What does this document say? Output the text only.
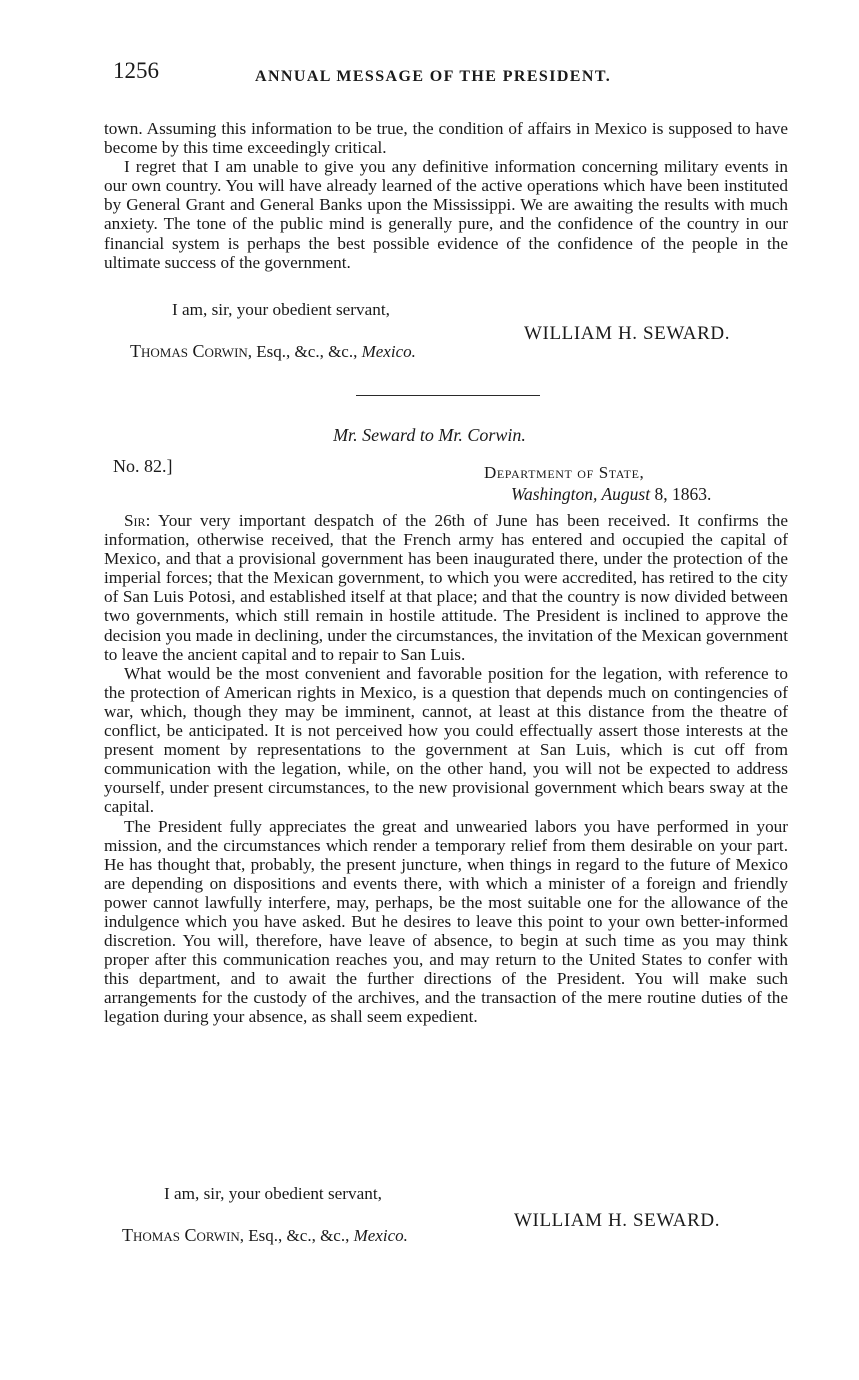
1256	ANNUAL MESSAGE OF THE PRESIDENT.

town. Assuming this information to be true, the condition of affairs in Mexico is supposed to have become by this time exceedingly critical.

I regret that I am unable to give you any definitive information concerning military events in our own country. You will have already learned of the active operations which have been instituted by General Grant and General Banks upon the Mississippi. We are awaiting the results with much anxiety. The tone of the public mind is generally pure, and the confidence of the country in our financial system is perhaps the best possible evidence of the confidence of the people in the ultimate success of the government.

I am, sir, your obedient servant,
WILLIAM H. SEWARD.
Thomas Corwin, Esq., &c., &c., Mexico.
Mr. Seward to Mr. Corwin.
No. 82.]	Department of State,
Washington, August 8, 1863.

Sir: Your very important despatch of the 26th of June has been received. It confirms the information, otherwise received, that the French army has entered and occupied the capital of Mexico, and that a provisional government has been inaugurated there, under the protection of the imperial forces; that the Mexican government, to which you were accredited, has retired to the city of San Luis Potosi, and established itself at that place; and that the country is now divided between two governments, which still remain in hostile attitude. The President is inclined to approve the decision you made in declining, under the circumstances, the invitation of the Mexican government to leave the ancient capital and to repair to San Luis.

What would be the most convenient and favorable position for the legation, with reference to the protection of American rights in Mexico, is a question that depends much on contingencies of war, which, though they may be imminent, cannot, at least at this distance from the theatre of conflict, be anticipated. It is not perceived how you could effectually assert those interests at the present moment by representations to the government at San Luis, which is cut off from communication with the legation, while, on the other hand, you will not be expected to address yourself, under present circumstances, to the new provisional government which bears sway at the capital.

The President fully appreciates the great and unwearied labors you have performed in your mission, and the circumstances which render a temporary relief from them desirable on your part. He has thought that, probably, the present juncture, when things in regard to the future of Mexico are depending on dispositions and events there, with which a minister of a foreign and friendly power cannot lawfully interfere, may, perhaps, be the most suitable one for the allowance of the indulgence which you have asked. But he desires to leave this point to your own better-informed discretion. You will, therefore, have leave of absence, to begin at such time as you may think proper after this communication reaches you, and may return to the United States to confer with this department, and to await the further directions of the President. You will make such arrangements for the custody of the archives, and the transaction of the mere routine duties of the legation during your absence, as shall seem expedient.

I am, sir, your obedient servant,
WILLIAM H. SEWARD.
Thomas Corwin, Esq., &c., &c., Mexico.
